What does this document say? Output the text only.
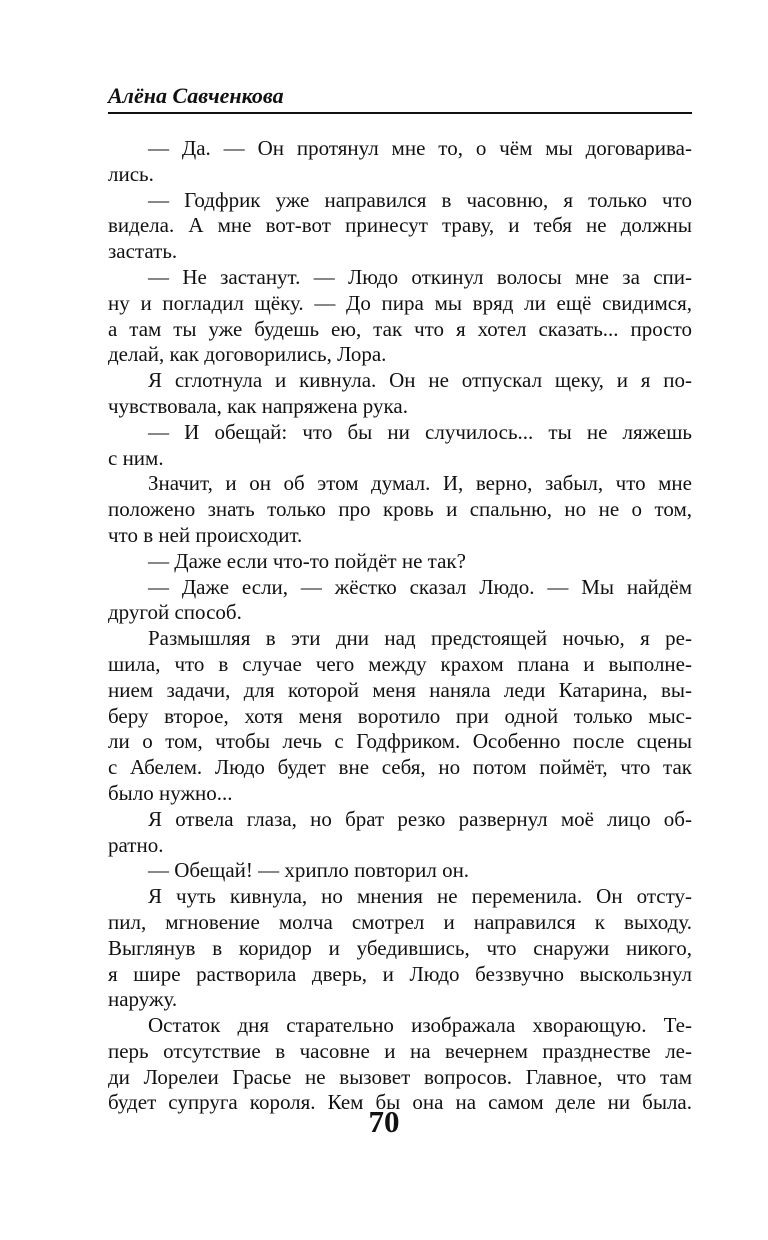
Алёна Савченкова
— Да. — Он протянул мне то, о чём мы договарива-
лись.
— Годфрик уже направился в часовню, я только что
видела. А мне вот-вот принесут траву, и тебя не должны
застать.
— Не застанут. — Людо откинул волосы мне за спи-
ну и погладил щёку. — До пира мы вряд ли ещё свидимся,
а там ты уже будешь ею, так что я хотел сказать... просто
делай, как договорились, Лора.
Я сглотнула и кивнула. Он не отпускал щеку, и я по-
чувствовала, как напряжена рука.
— И обещай: что бы ни случилось... ты не ляжешь
с ним.
Значит, и он об этом думал. И, верно, забыл, что мне
положено знать только про кровь и спальню, но не о том,
что в ней происходит.
— Даже если что-то пойдёт не так?
— Даже если, — жёстко сказал Людо. — Мы найдём
другой способ.
Размышляя в эти дни над предстоящей ночью, я ре-
шила, что в случае чего между крахом плана и выполне-
нием задачи, для которой меня наняла леди Катарина, вы-
беру второе, хотя меня воротило при одной только мыс-
ли о том, чтобы лечь с Годфриком. Особенно после сцены
с Абелем. Людо будет вне себя, но потом поймёт, что так
было нужно...
Я отвела глаза, но брат резко развернул моё лицо об-
ратно.
— Обещай! — хрипло повторил он.
Я чуть кивнула, но мнения не переменила. Он отсту-
пил, мгновение молча смотрел и направился к выходу.
Выглянув в коридор и убедившись, что снаружи никого,
я шире растворила дверь, и Людо беззвучно выскользнул
наружу.
Остаток дня старательно изображала хворающую. Те-
перь отсутствие в часовне и на вечернем празднестве ле-
ди Лорелеи Грасье не вызовет вопросов. Главное, что там
будет супруга короля. Кем бы она на самом деле ни была.
70
